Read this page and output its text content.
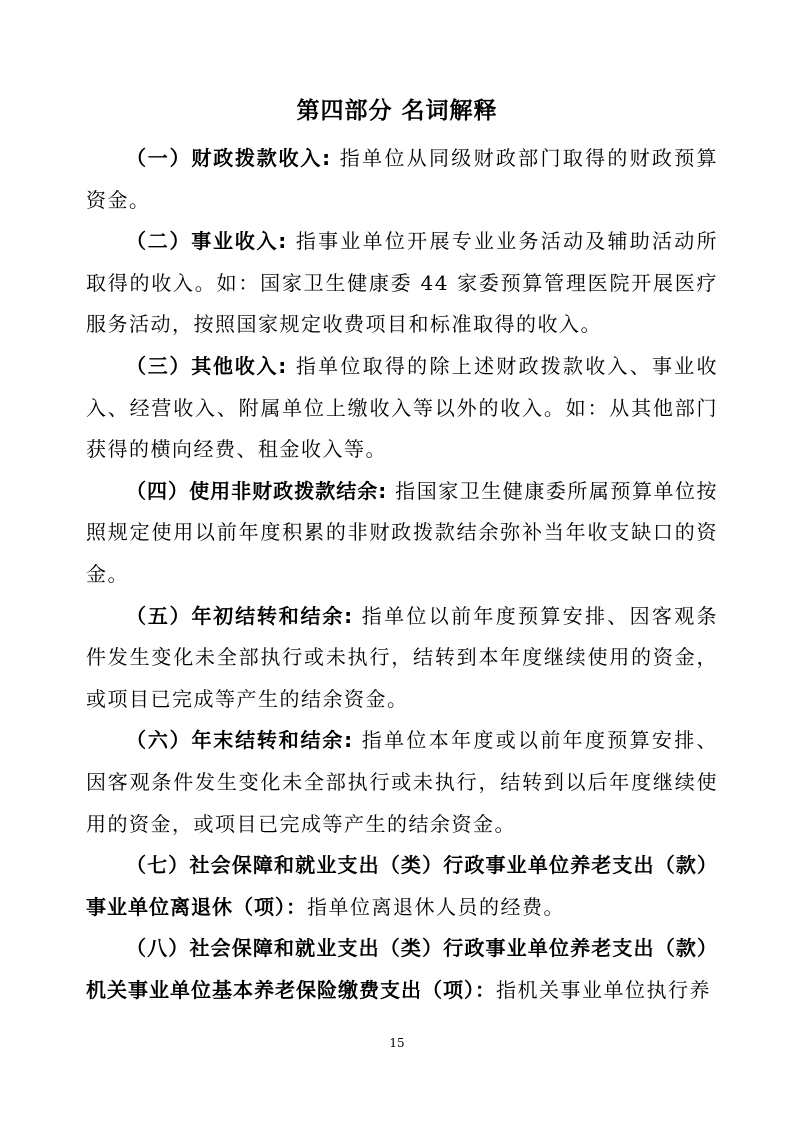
第四部分 名词解释

（一）财政拨款收入: 指单位从同级财政部门取得的财政预算资金。

（二）事业收入: 指事业单位开展专业业务活动及辅助活动所取得的收入。如：国家卫生健康委 44 家委预算管理医院开展医疗服务活动，按照国家规定收费项目和标准取得的收入。

（三）其他收入: 指单位取得的除上述财政拨款收入、事业收入、经营收入、附属单位上缴收入等以外的收入。如：从其他部门获得的横向经费、租金收入等。

（四）使用非财政拨款结余: 指国家卫生健康委所属预算单位按照规定使用以前年度积累的非财政拨款结余弥补当年收支缺口的资金。

（五）年初结转和结余: 指单位以前年度预算安排、因客观条件发生变化未全部执行或未执行，结转到本年度继续使用的资金，或项目已完成等产生的结余资金。

（六）年末结转和结余: 指单位本年度或以前年度预算安排、因客观条件发生变化未全部执行或未执行，结转到以后年度继续使用的资金，或项目已完成等产生的结余资金。

（七）社会保障和就业支出（类）行政事业单位养老支出（款）事业单位离退休（项）：指单位离退休人员的经费。

（八）社会保障和就业支出（类）行政事业单位养老支出（款）机关事业单位基本养老保险缴费支出（项）：指机关事业单位执行养

15
